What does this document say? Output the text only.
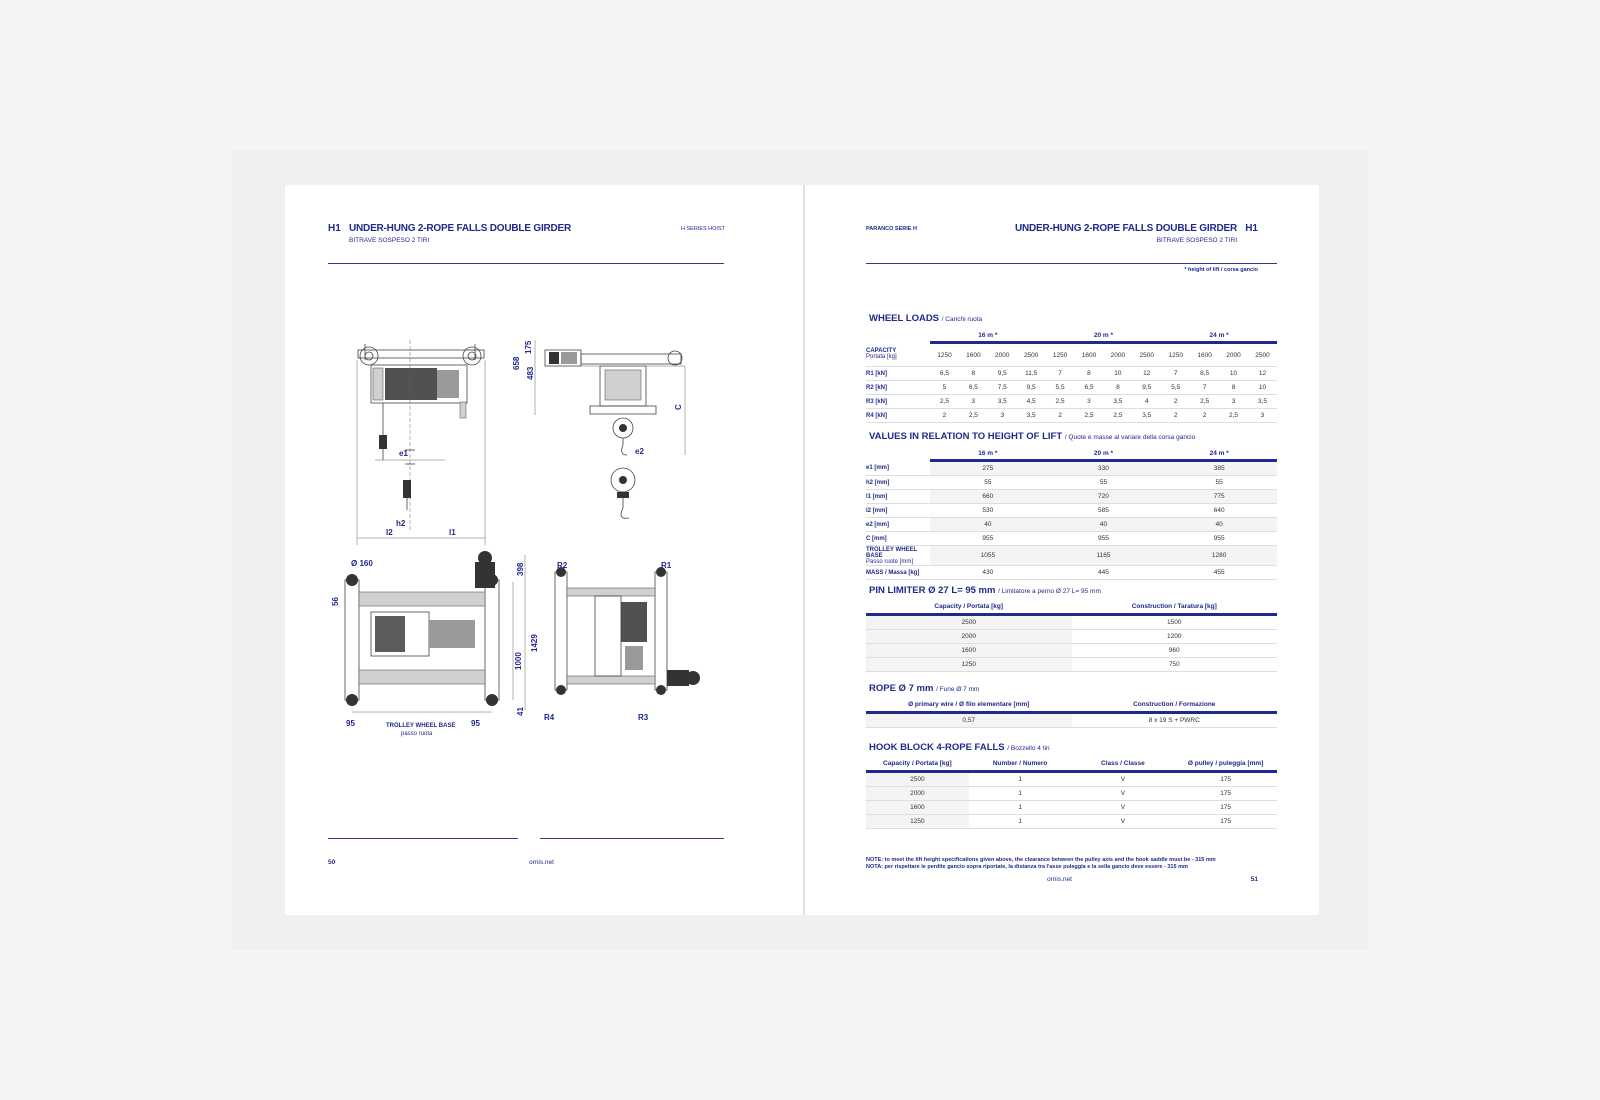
H1 UNDER-HUNG 2-ROPE FALLS DOUBLE GIRDER
BITRAVE SOSPESO 2 TIRI
H SERIES HOIST
e1
h2
l2	l1
175
658
483
C
e2
Ø 160
56
398
1429
1000
41
95	95
TROLLEY WHEEL BASE
passo ruota
R2	R1
R4	R3
50	ornis.net
PARANCO SERIE H	UNDER-HUNG 2-ROPE FALLS DOUBLE GIRDER H1
BITRAVE SOSPESO 2 TIRI
* height of lift / corsa gancio
WHEEL LOADS / Carichi ruota
	16 m *				20 m *				24 m *			
CAPACITY
Portata [kg]	1250	1600	2000	2500	1250	1600	2000	2500	1250	1600	2000	2500
R1 [kN]	6,5	8	9,5	11,5	7	8	10	12	7	8,5	10	12
R2 [kN]	5	6,5	7,5	9,5	5,5	6,5	8	9,5	5,5	7	8	10
R3 [kN]	2,5	3	3,5	4,5	2,5	3	3,5	4	2	2,5	3	3,5
R4 [kN]	2	2,5	3	3,5	2	2,5	2,5	3,5	2	2	2,5	3
VALUES IN RELATION TO HEIGHT OF LIFT / Quote e masse al variare della corsa gancio
	16 m *	20 m *	24 m *
e1 [mm]	275	330	385
h2 [mm]	55	55	55
l1 [mm]	660	720	775
l2 [mm]	530	585	640
e2 [mm]	40	40	40
C [mm]	955	955	955
TROLLEY WHEEL BASE
Passo ruote [mm]	1055	1165	1280
MASS / Massa [kg]	430	445	455
PIN LIMITER Ø 27 L= 95 mm / Limitatore a perno Ø 27 L= 95 mm
Capacity / Portata [kg]	Construction / Taratura [kg]
2500	1500
2000	1200
1600	960
1250	750
ROPE Ø 7 mm / Fune Ø 7 mm
Ø primary wire / Ø filo elementare [mm]	Construction / Formazione
0,57	8 x 19 S + PWRC
HOOK BLOCK 4-ROPE FALLS / Bozzello 4 tiri
Capacity / Portata [kg]	Number / Numero	Class / Classe	Ø pulley / puleggia [mm]
2500	1	V	175
2000	1	V	175
1600	1	V	175
1250	1	V	175
NOTE: to meet the lift height specifications given above, the clearance between the pulley axis and the hook saddle must be - 315 mm
NOTA: per rispettare le perdite gancio sopra riportate, la distanza tra l'asse puleggia e la sella gancio deve essere - 315 mm
ornis.net	51
